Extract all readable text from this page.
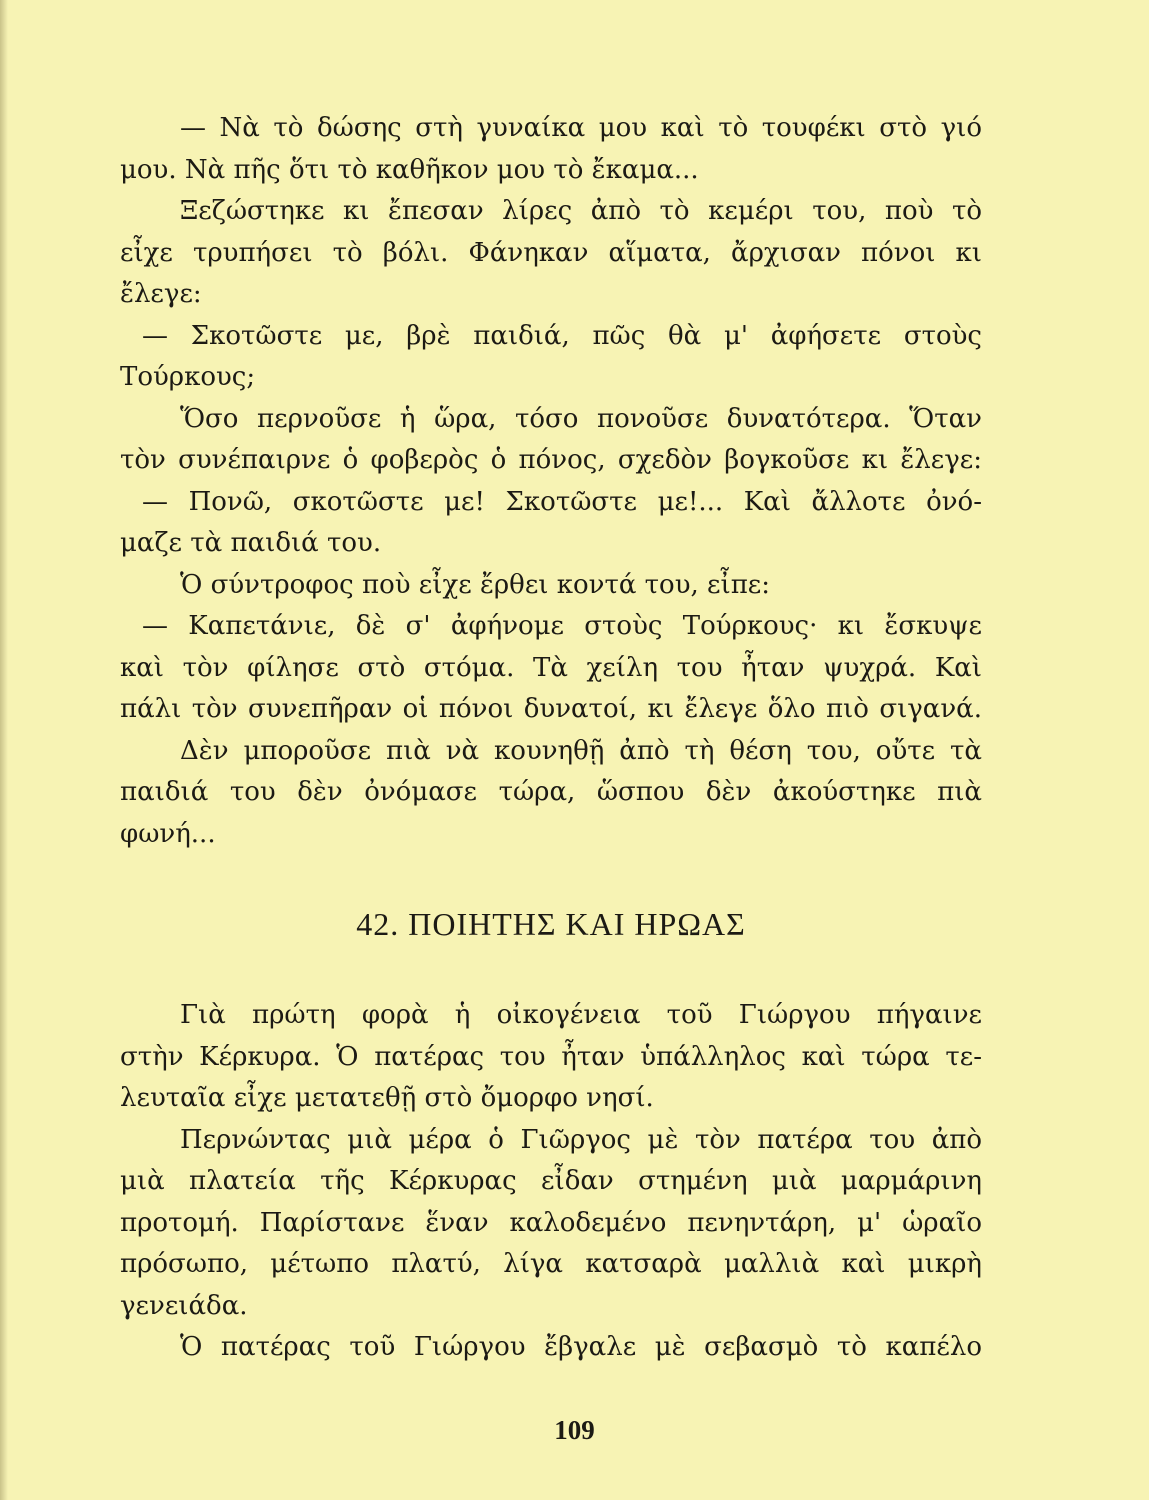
— Νὰ τὸ δώσης στὴ γυναίκα μου καὶ τὸ τουφέκι στὸ γιό
μου. Νὰ πῆς ὅτι τὸ καθῆκον μου τὸ ἔκαμα...
Ξεζώστηκε κι ἔπεσαν λίρες ἀπὸ τὸ κεμέρι του, ποὺ τὸ
εἶχε τρυπήσει τὸ βόλι. Φάνηκαν αἵματα, ἄρχισαν πόνοι κι
ἔλεγε:
— Σκοτῶστε με, βρὲ παιδιά, πῶς θὰ μ' ἀφήσετε στοὺς
Τούρκους;
Ὅσο περνοῦσε ἡ ὥρα, τόσο πονοῦσε δυνατότερα. Ὅταν
τὸν συνέπαιρνε ὁ φοβερὸς ὁ πόνος, σχεδὸν βογκοῦσε κι ἔλεγε:
— Πονῶ, σκοτῶστε με! Σκοτῶστε με!... Καὶ ἄλλοτε ὀνό-
μαζε τὰ παιδιά του.
Ὁ σύντροφος ποὺ εἶχε ἔρθει κοντά του, εἶπε:
— Καπετάνιε, δὲ σ' ἀφήνομε στοὺς Τούρκους· κι ἔσκυψε
καὶ τὸν φίλησε στὸ στόμα. Τὰ χείλη του ἦταν ψυχρά. Καὶ
πάλι τὸν συνεπῆραν οἱ πόνοι δυνατοί, κι ἔλεγε ὅλο πιὸ σιγανά.
Δὲν μποροῦσε πιὰ νὰ κουνηθῇ ἀπὸ τὴ θέση του, οὔτε τὰ
παιδιά του δὲν ὀνόμασε τώρα, ὥσπου δὲν ἀκούστηκε πιὰ
φωνή...
42. ΠΟΙΗΤΗΣ ΚΑΙ ΗΡΩΑΣ
Γιὰ πρώτη φορὰ ἡ οἰκογένεια τοῦ Γιώργου πήγαινε
στὴν Κέρκυρα. Ὁ πατέρας του ἦταν ὑπάλληλος καὶ τώρα τε-
λευταῖα εἶχε μετατεθῇ στὸ ὄμορφο νησί.
Περνώντας μιὰ μέρα ὁ Γιῶργος μὲ τὸν πατέρα του ἀπὸ
μιὰ πλατεία τῆς Κέρκυρας εἶδαν στημένη μιὰ μαρμάρινη
προτομή. Παρίστανε ἕναν καλοδεμένο πενηντάρη, μ' ὡραῖο
πρόσωπο, μέτωπο πλατύ, λίγα κατσαρὰ μαλλιὰ καὶ μικρὴ
γενειάδα.
Ὁ πατέρας τοῦ Γιώργου ἔβγαλε μὲ σεβασμὸ τὸ καπέλο
109
